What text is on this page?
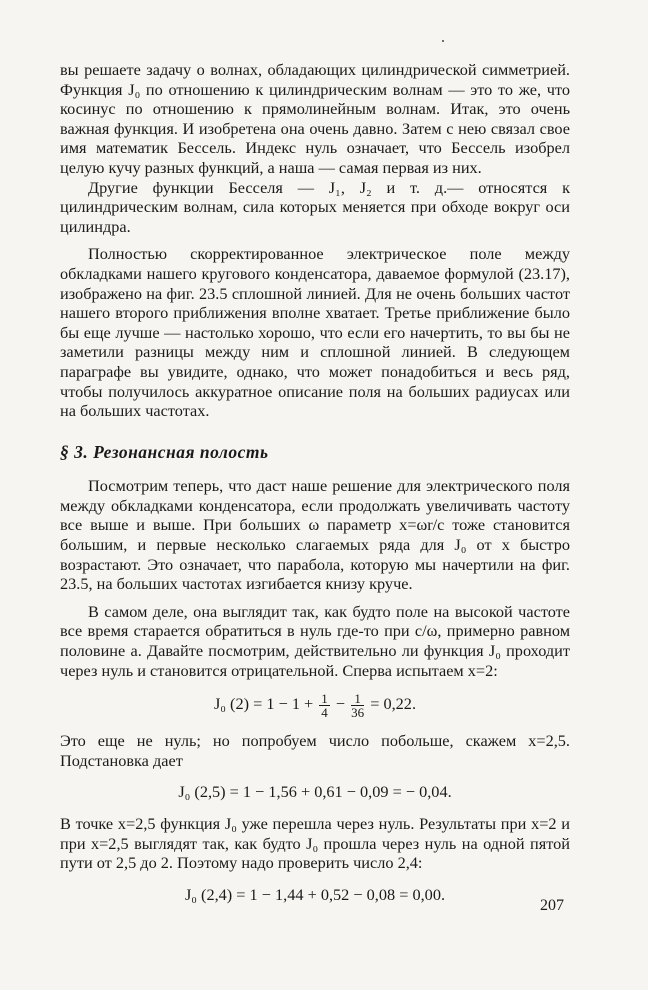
вы решаете задачу о волнах, обладающих цилиндрической симметрией. Функция J₀ по отношению к цилиндрическим волнам — это то же, что косинус по отношению к прямолинейным волнам. Итак, это очень важная функция. И изобретена она очень давно. Затем с нею связал свое имя математик Бессель. Индекс нуль означает, что Бессель изобрел целую кучу разных функций, а наша — самая первая из них.

Другие функции Бесселя — J₁, J₂ и т. д.— относятся к цилиндрическим волнам, сила которых меняется при обходе вокруг оси цилиндра.

Полностью скорректированное электрическое поле между обкладками нашего кругового конденсатора, даваемое формулой (23.17), изображено на фиг. 23.5 сплошной линией. Для не очень больших частот нашего второго приближения вполне хватает. Третье приближение было бы еще лучше — настолько хорошо, что если его начертить, то вы бы не заметили разницы между ним и сплошной линией. В следующем параграфе вы увидите, однако, что может понадобиться и весь ряд, чтобы получилось аккуратное описание поля на больших радиусах или на больших частотах.

§ 3. Резонансная полость

Посмотрим теперь, что даст наше решение для электрического поля между обкладками конденсатора, если продолжать увеличивать частоту все выше и выше. При больших ω параметр x=ωr/c тоже становится большим, и первые несколько слагаемых ряда для J₀ от x быстро возрастают. Это означает, что парабола, которую мы начертили на фиг. 23.5, на больших частотах изгибается книзу круче.

В самом деле, она выглядит так, как будто поле на высокой частоте все время старается обратиться в нуль где-то при c/ω, примерно равном половине a. Давайте посмотрим, действительно ли функция J₀ проходит через нуль и становится отрицательной. Сперва испытаем x=2:

J₀ $(2) = 1 - 1 + \frac{1}{4} - \frac{1}{36} = 0,22$.

Это еще не нуль; но попробуем число побольше, скажем x=2,5. Подстановка дает

J₀ (2,5) = 1 − 1,56 + 0,61 − 0,09 = − 0,04.

В точке x=2,5 функция J₀ уже перешла через нуль. Результаты при x=2 и при x=2,5 выглядят так, как будто J₀ прошла через нуль на одной пятой пути от 2,5 до 2. Поэтому надо проверить число 2,4:

J₀ (2,4) = 1 − 1,44 + 0,52 − 0,08 = 0,00.
207
